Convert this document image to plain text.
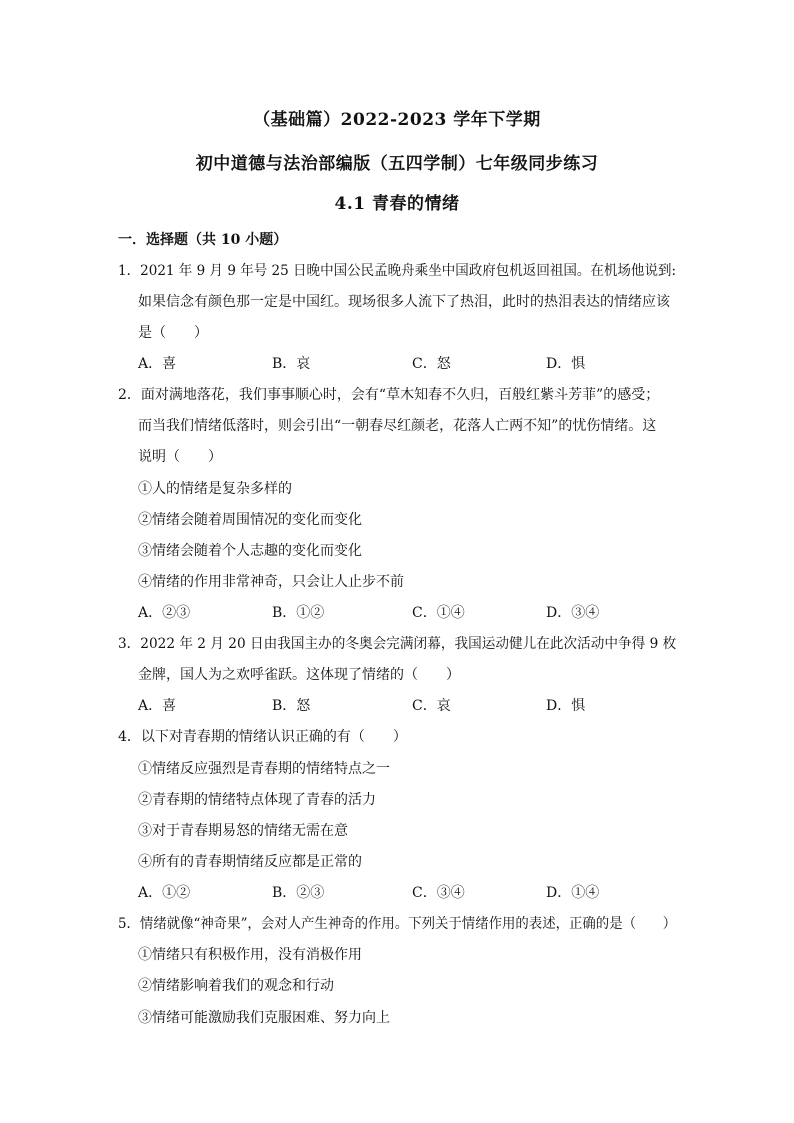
（基础篇）2022-2023 学年下学期
初中道德与法治部编版（五四学制）七年级同步练习
4.1 青春的情绪
一．选择题（共 10 小题）
1．2021 年 9 月 9 年号 25 日晚中国公民孟晚舟乘坐中国政府包机返回祖国。在机场他说到:
如果信念有颜色那一定是中国红。现场很多人流下了热泪，此时的热泪表达的情绪应该
是（　　）
A．喜	B．哀	C．怒	D．惧
2．面对满地落花，我们事事顺心时，会有“草木知春不久归，百般红紫斗芳菲”的感受；
而当我们情绪低落时，则会引出“一朝春尽红颜老，花落人亡两不知”的忧伤情绪。这
说明（　　）
①人的情绪是复杂多样的
②情绪会随着周围情况的变化而变化
③情绪会随着个人志趣的变化而变化
④情绪的作用非常神奇，只会让人止步不前
A．②③	B．①②	C．①④	D．③④
3．2022 年 2 月 20 日由我国主办的冬奥会完满闭幕，我国运动健儿在此次活动中争得 9 枚
金牌，国人为之欢呼雀跃。这体现了情绪的（　　）
A．喜	B．怒	C．哀	D．惧
4．以下对青春期的情绪认识正确的有（　　）
①情绪反应强烈是青春期的情绪特点之一
②青春期的情绪特点体现了青春的活力
③对于青春期易怒的情绪无需在意
④所有的青春期情绪反应都是正常的
A．①②	B．②③	C．③④	D．①④
5．情绪就像“神奇果”，会对人产生神奇的作用。下列关于情绪作用的表述，正确的是（　　）
①情绪只有积极作用，没有消极作用
②情绪影响着我们的观念和行动
③情绪可能激励我们克服困难、努力向上
